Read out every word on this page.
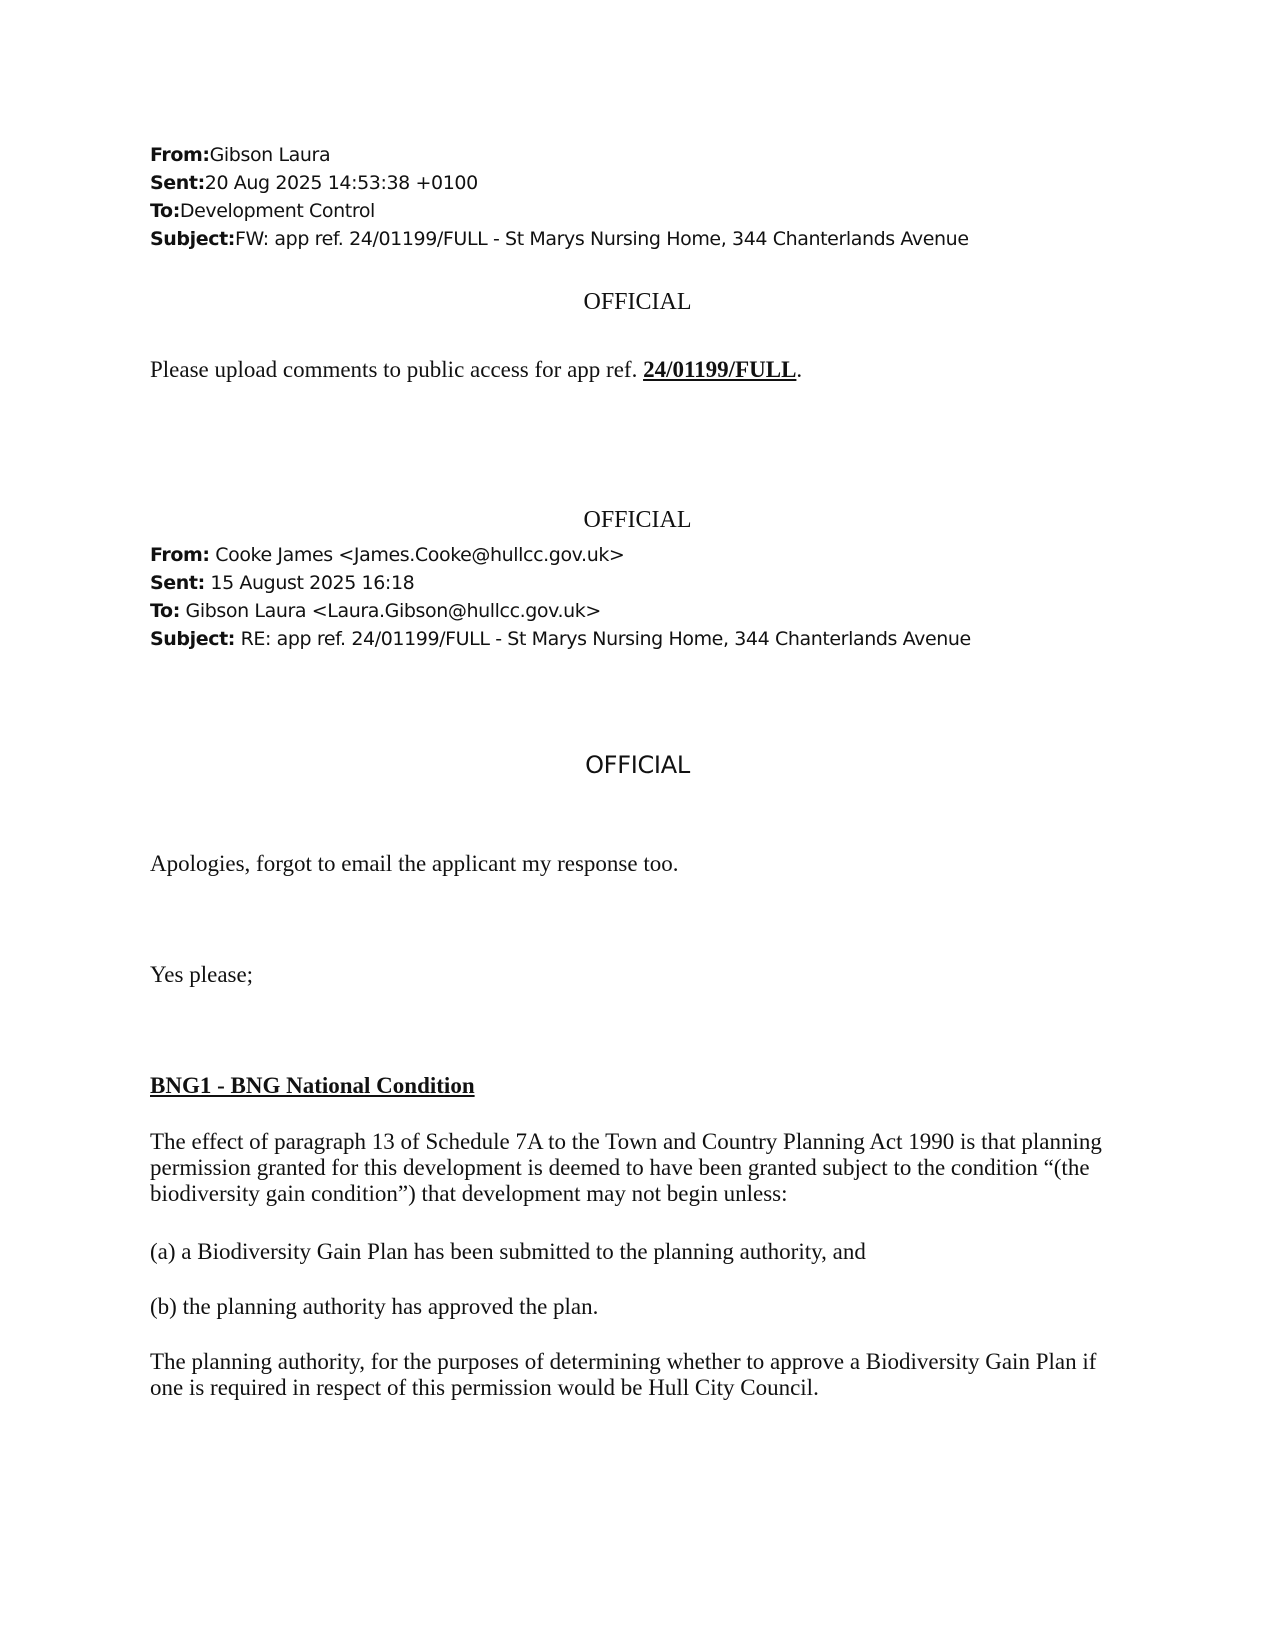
From:Gibson Laura
Sent:20 Aug 2025 14:53:38 +0100
To:Development Control
Subject:FW: app ref. 24/01199/FULL - St Marys Nursing Home, 344 Chanterlands Avenue
OFFICIAL
Please upload comments to public access for app ref. 24/01199/FULL.
OFFICIAL
From: Cooke James <James.Cooke@hullcc.gov.uk>
Sent: 15 August 2025 16:18
To: Gibson Laura <Laura.Gibson@hullcc.gov.uk>
Subject: RE: app ref. 24/01199/FULL - St Marys Nursing Home, 344 Chanterlands Avenue
OFFICIAL
Apologies, forgot to email the applicant my response too.
Yes please;
BNG1 - BNG National Condition
The effect of paragraph 13 of Schedule 7A to the Town and Country Planning Act 1990 is that planning permission granted for this development is deemed to have been granted subject to the condition “(the biodiversity gain condition”) that development may not begin unless:
(a) a Biodiversity Gain Plan has been submitted to the planning authority, and
(b) the planning authority has approved the plan.
The planning authority, for the purposes of determining whether to approve a Biodiversity Gain Plan if one is required in respect of this permission would be Hull City Council.
